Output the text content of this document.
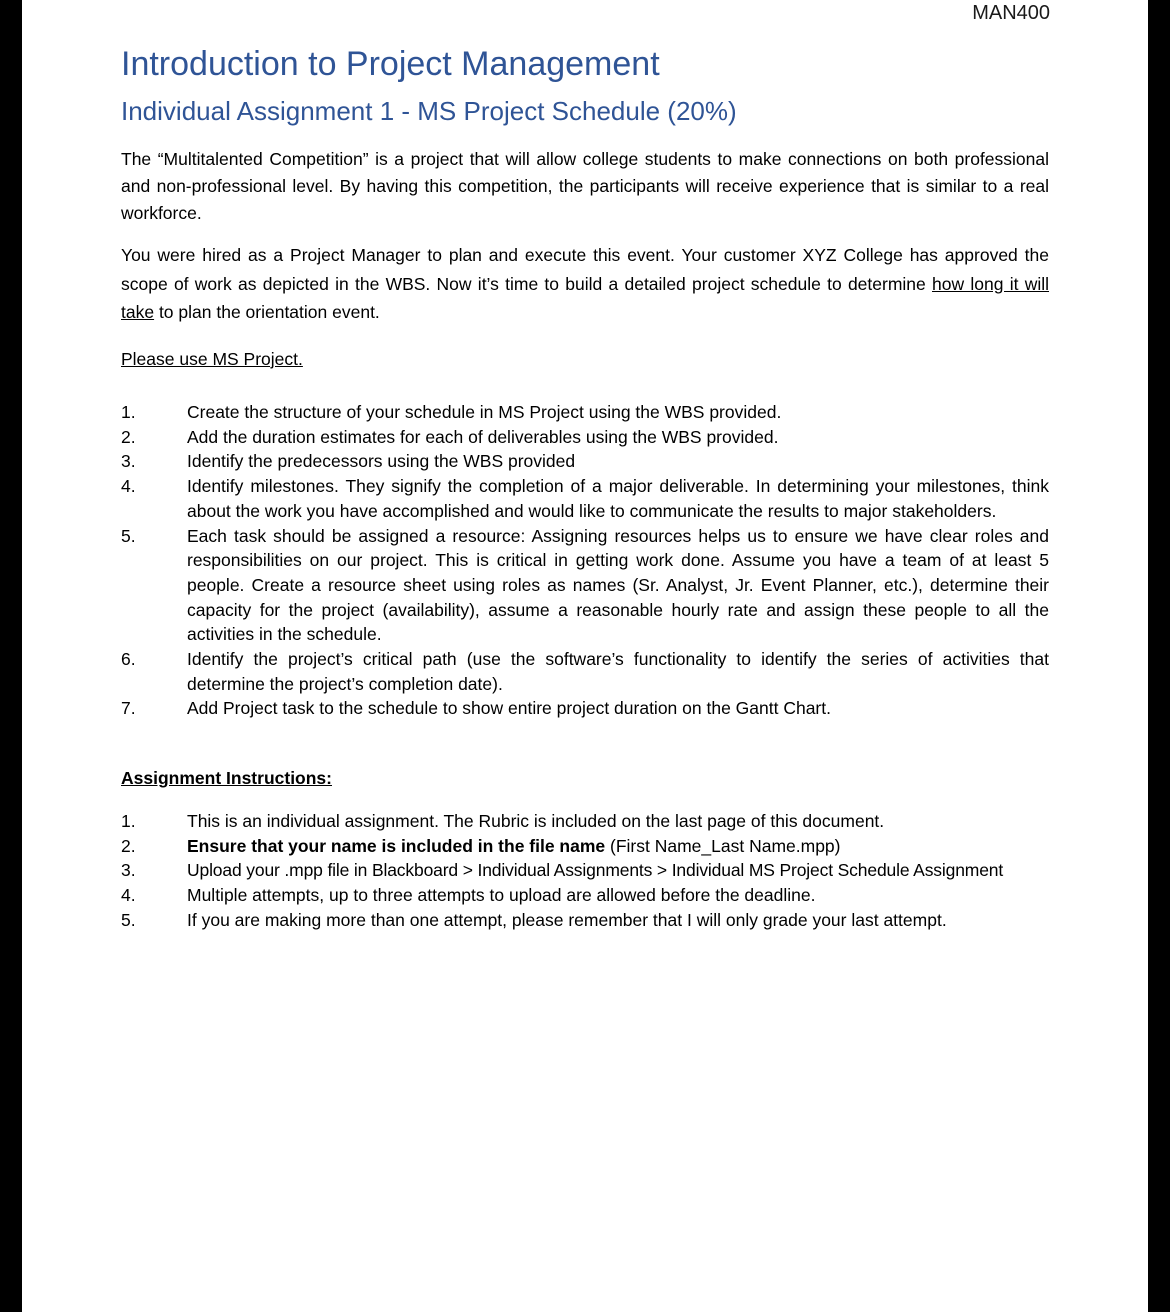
MAN400
Introduction to Project Management
Individual Assignment 1 - MS Project Schedule (20%)

The “Multitalented Competition” is a project that will allow college students to make connections on both professional and non-professional level. By having this competition, the participants will receive experience that is similar to a real workforce.

You were hired as a Project Manager to plan and execute this event. Your customer XYZ College has approved the scope of work as depicted in the WBS. Now it’s time to build a detailed project schedule to determine how long it will take to plan the orientation event.

Please use MS Project.

1.	Create the structure of your schedule in MS Project using the WBS provided.
2.	Add the duration estimates for each of deliverables using the WBS provided.
3.	Identify the predecessors using the WBS provided
4.	Identify milestones. They signify the completion of a major deliverable. In determining your milestones, think about the work you have accomplished and would like to communicate the results to major stakeholders.
5.	Each task should be assigned a resource: Assigning resources helps us to ensure we have clear roles and responsibilities on our project. This is critical in getting work done. Assume you have a team of at least 5 people. Create a resource sheet using roles as names (Sr. Analyst, Jr. Event Planner, etc.), determine their capacity for the project (availability), assume a reasonable hourly rate and assign these people to all the activities in the schedule.
6.	Identify the project’s critical path (use the software’s functionality to identify the series of activities that determine the project’s completion date).
7.	Add Project task to the schedule to show entire project duration on the Gantt Chart.

Assignment Instructions:

1.	This is an individual assignment. The Rubric is included on the last page of this document.
2.	Ensure that your name is included in the file name (First Name_Last Name.mpp)
3.	Upload your .mpp file in Blackboard > Individual Assignments > Individual MS Project Schedule Assignment
4.	Multiple attempts, up to three attempts to upload are allowed before the deadline.
5.	If you are making more than one attempt, please remember that I will only grade your last attempt.
